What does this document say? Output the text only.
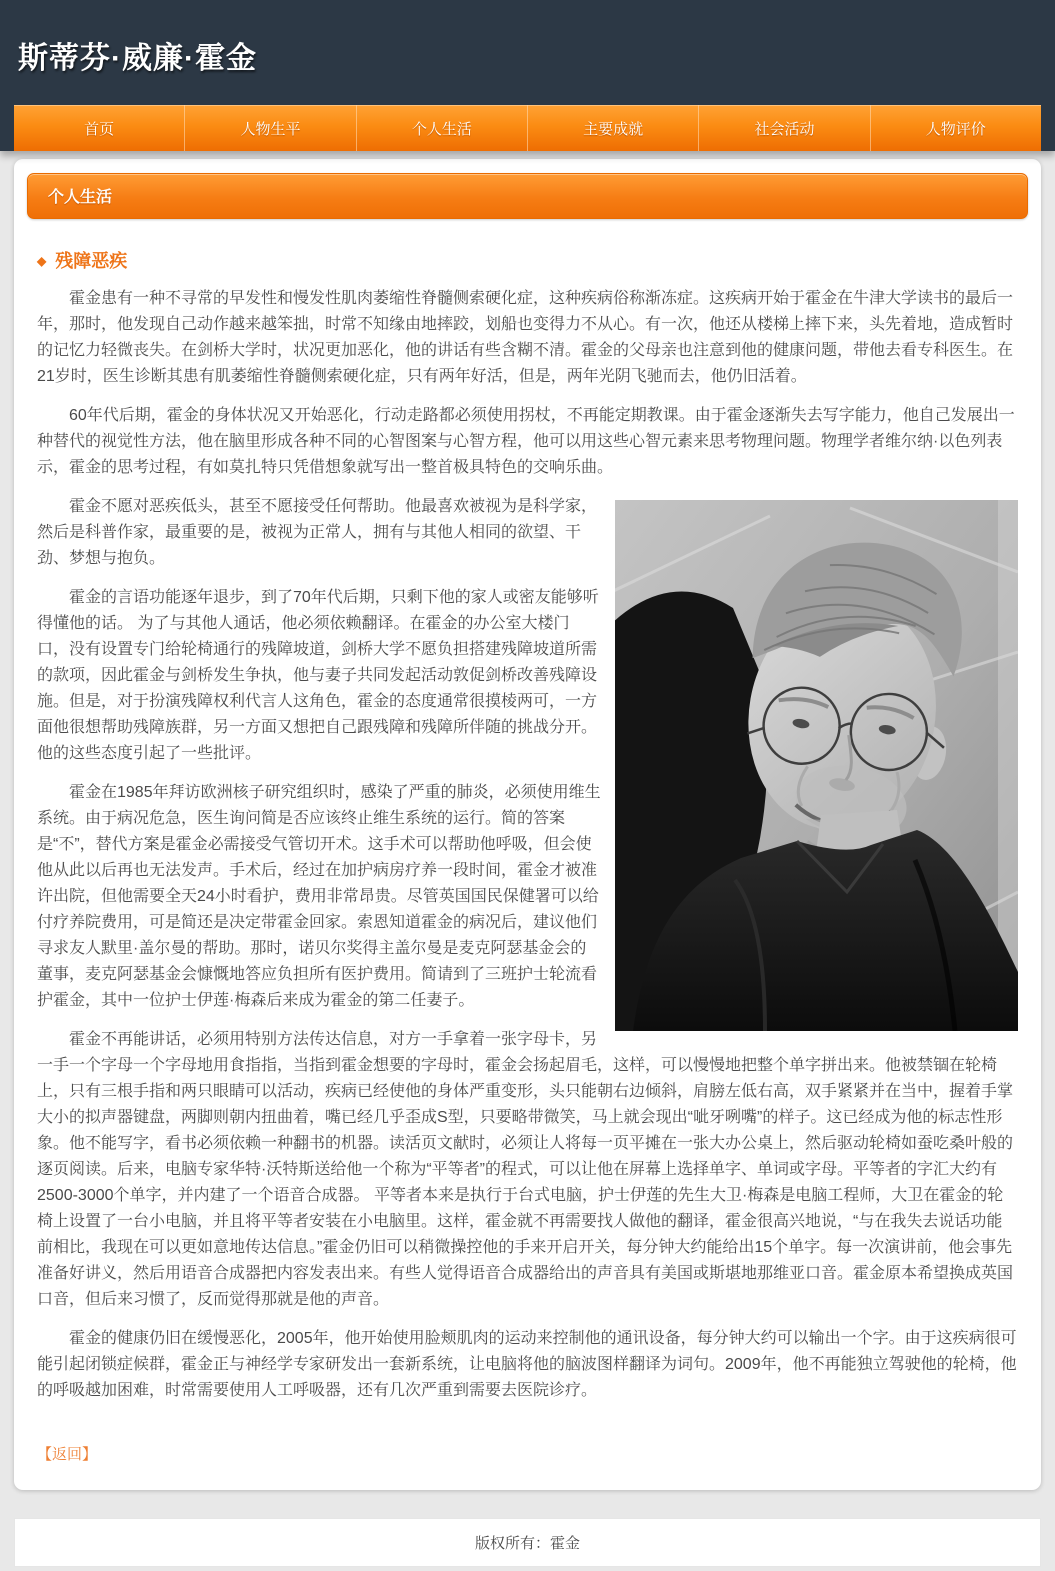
斯蒂芬·威廉·霍金
首页	人物生平	个人生活	主要成就	社会活动	人物评价
个人生活
◆ 残障恶疾

霍金患有一种不寻常的早发性和慢发性肌肉萎缩性脊髓侧索硬化症，这种疾病俗称渐冻症。这疾病开始于霍金在牛津大学读书的最后一年，那时，他发现自己动作越来越笨拙，时常不知缘由地摔跤，划船也变得力不从心。有一次，他还从楼梯上摔下来，头先着地，造成暂时的记忆力轻微丧失。在剑桥大学时，状况更加恶化，他的讲话有些含糊不清。霍金的父母亲也注意到他的健康问题，带他去看专科医生。在21岁时，医生诊断其患有肌萎缩性脊髓侧索硬化症，只有两年好活，但是，两年光阴飞驰而去，他仍旧活着。

60年代后期，霍金的身体状况又开始恶化，行动走路都必须使用拐杖，不再能定期教课。由于霍金逐渐失去写字能力，他自己发展出一种替代的视觉性方法，他在脑里形成各种不同的心智图案与心智方程，他可以用这些心智元素来思考物理问题。物理学者维尔纳·以色列表示，霍金的思考过程，有如莫扎特只凭借想象就写出一整首极具特色的交响乐曲。

霍金不愿对恶疾低头，甚至不愿接受任何帮助。他最喜欢被视为是科学家，然后是科普作家，最重要的是，被视为正常人，拥有与其他人相同的欲望、干劲、梦想与抱负。

霍金的言语功能逐年退步，到了70年代后期，只剩下他的家人或密友能够听得懂他的话。 为了与其他人通话，他必须依赖翻译。在霍金的办公室大楼门口，没有设置专门给轮椅通行的残障坡道，剑桥大学不愿负担搭建残障坡道所需的款项，因此霍金与剑桥发生争执，他与妻子共同发起活动敦促剑桥改善残障设施。但是，对于扮演残障权利代言人这角色，霍金的态度通常很摸棱两可，一方面他很想帮助残障族群，另一方面又想把自己跟残障和残障所伴随的挑战分开。他的这些态度引起了一些批评。

霍金在1985年拜访欧洲核子研究组织时，感染了严重的肺炎，必须使用维生系统。由于病况危急，医生询问简是否应该终止维生系统的运行。简的答案是“不”，替代方案是霍金必需接受气管切开术。这手术可以帮助他呼吸，但会使他从此以后再也无法发声。手术后，经过在加护病房疗养一段时间，霍金才被准许出院，但他需要全天24小时看护，费用非常昂贵。尽管英国国民保健署可以给付疗养院费用，可是简还是决定带霍金回家。索恩知道霍金的病况后，建议他们寻求友人默里·盖尔曼的帮助。那时，诺贝尔奖得主盖尔曼是麦克阿瑟基金会的董事，麦克阿瑟基金会慷慨地答应负担所有医护费用。简请到了三班护士轮流看护霍金，其中一位护士伊莲·梅森后来成为霍金的第二任妻子。

霍金不再能讲话，必须用特别方法传达信息，对方一手拿着一张字母卡，另一手一个字母一个字母地用食指指，当指到霍金想要的字母时，霍金会扬起眉毛，这样，可以慢慢地把整个单字拼出来。他被禁锢在轮椅上，只有三根手指和两只眼睛可以活动，疾病已经使他的身体严重变形，头只能朝右边倾斜，肩膀左低右高，双手紧紧并在当中，握着手掌大小的拟声器键盘，两脚则朝内扭曲着，嘴已经几乎歪成S型，只要略带微笑，马上就会现出“呲牙咧嘴”的样子。这已经成为他的标志性形象。他不能写字，看书必须依赖一种翻书的机器。读活页文献时，必须让人将每一页平摊在一张大办公桌上，然后驱动轮椅如蚕吃桑叶般的逐页阅读。后来，电脑专家华特·沃特斯送给他一个称为“平等者”的程式，可以让他在屏幕上选择单字、单词或字母。平等者的字汇大约有2500-3000个单字，并内建了一个语音合成器。 平等者本来是执行于台式电脑，护士伊莲的先生大卫·梅森是电脑工程师，大卫在霍金的轮椅上设置了一台小电脑，并且将平等者安装在小电脑里。这样，霍金就不再需要找人做他的翻译，霍金很高兴地说，“与在我失去说话功能前相比，我现在可以更如意地传达信息。”霍金仍旧可以稍微操控他的手来开启开关，每分钟大约能给出15个单字。每一次演讲前，他会事先准备好讲义，然后用语音合成器把内容发表出来。有些人觉得语音合成器给出的声音具有美国或斯堪地那维亚口音。霍金原本希望换成英国口音，但后来习惯了，反而觉得那就是他的声音。

霍金的健康仍旧在缓慢恶化，2005年，他开始使用脸颊肌肉的运动来控制他的通讯设备，每分钟大约可以输出一个字。由于这疾病很可能引起闭锁症候群，霍金正与神经学专家研发出一套新系统，让电脑将他的脑波图样翻译为词句。2009年，他不再能独立驾驶他的轮椅，他的呼吸越加困难，时常需要使用人工呼吸器，还有几次严重到需要去医院诊疗。

【返回】
版权所有：霍金
